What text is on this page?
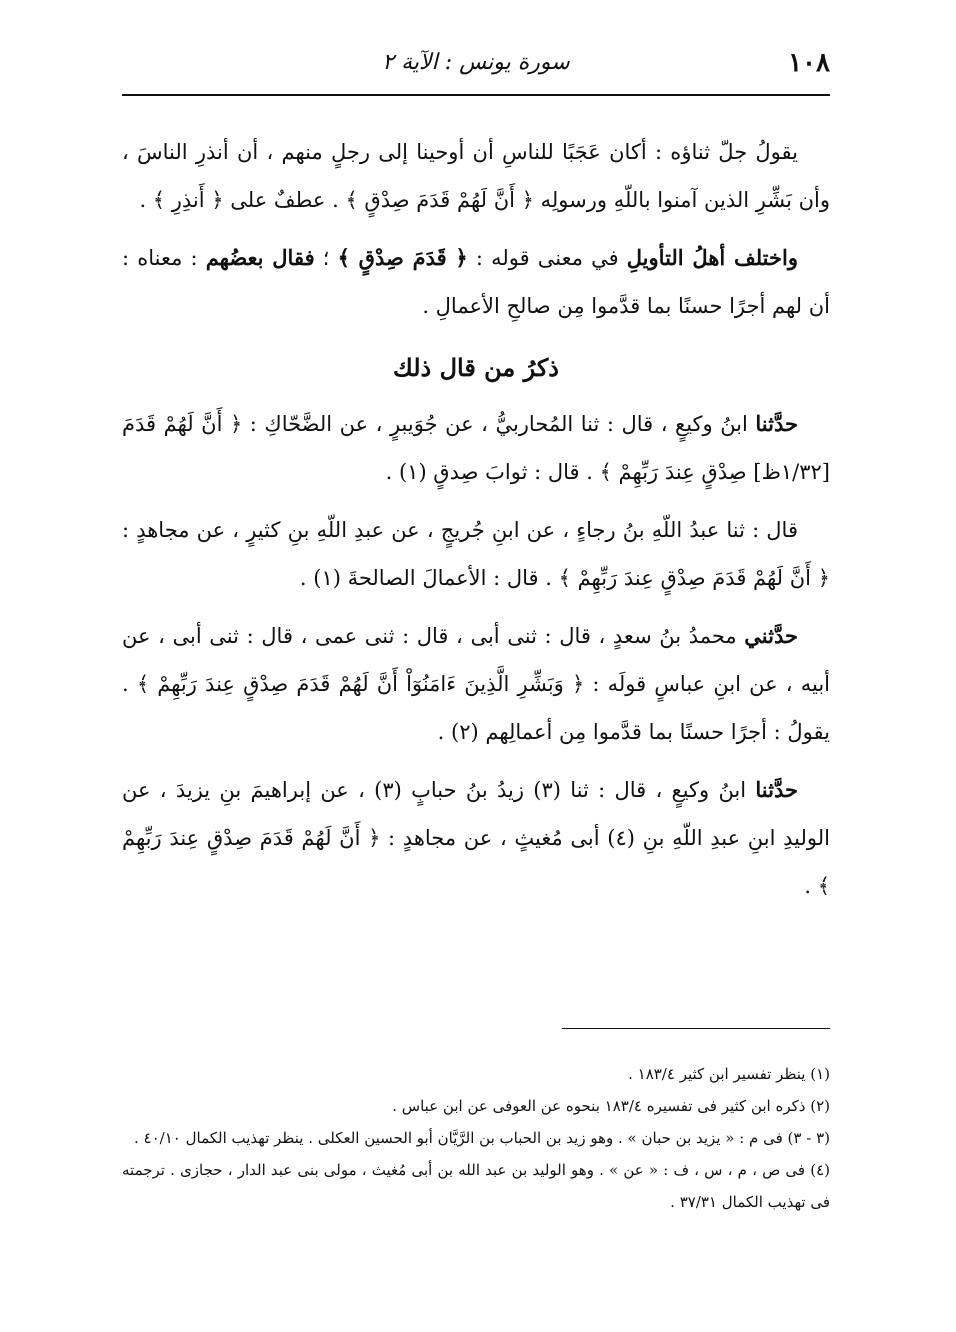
١٠٨
سورة يونس : الآية ٢

يقولُ جلّ ثناؤه : أكان عَجَبًا للناسِ أن أوحينا إلى رجلٍ منهم ، أن أنذرِ الناسَ ، وأن بَشِّرِ الذين آمنوا باللّهِ ورسولِه ﴿ أَنَّ لَهُمْ قَدَمَ صِدْقٍ ﴾ . عطفٌ على ﴿ أَنذِرِ ﴾ .

واختلف أهلُ التأويلِ في معنى قوله : ﴿ قَدَمَ صِدْقٍ ﴾ ؛ فقال بعضُهم : معناه : أن لهم أجرًا حسنًا بما قدَّموا مِن صالحِ الأعمالِ .

ذكرُ من قال ذلك

حدَّثنا ابنُ وكيعٍ ، قال : ثنا المُحاربيُّ ، عن جُوَيبرٍ ، عن الضَّحّاكِ : ﴿ أَنَّ لَهُمْ قَدَمَ [١/٣٢ظ] صِدْقٍ عِندَ رَبِّهِمْ ﴾ . قال : ثوابَ صِدقٍ (١) .

قال : ثنا عبدُ اللّهِ بنُ رجاءٍ ، عن ابنِ جُريجٍ ، عن عبدِ اللّهِ بنِ كثيرٍ ، عن مجاهدٍ : ﴿ أَنَّ لَهُمْ قَدَمَ صِدْقٍ عِندَ رَبِّهِمْ ﴾ . قال : الأعمالَ الصالحةَ (١) .

حدَّثني محمدُ بنُ سعدٍ ، قال : ثنى أبى ، قال : ثنى عمى ، قال : ثنى أبى ، عن أبيه ، عن ابنِ عباسٍ قولَه : ﴿ وَبَشِّرِ الَّذِينَ ءَامَنُوٓاْ أَنَّ لَهُمْ قَدَمَ صِدْقٍ عِندَ رَبِّهِمْ ﴾ . يقولُ : أجرًا حسنًا بما قدَّموا مِن أعمالِهم (٢) .

حدَّثنا ابنُ وكيعٍ ، قال : ثنا (٣) زيدُ بنُ حبابٍ (٣) ، عن إبراهيمَ بنِ يزيدَ ، عن الوليدِ ابنِ عبدِ اللّهِ بنِ (٤) أبى مُغيثٍ ، عن مجاهدٍ : ﴿ أَنَّ لَهُمْ قَدَمَ صِدْقٍ عِندَ رَبِّهِمْ ﴾ .

(١) ينظر تفسير ابن كثير ١٨٣/٤ .

(٢) ذكره ابن كثير فى تفسيره ١٨٣/٤ بنحوه عن العوفى عن ابن عباس .

(٣ - ٣) فى م : « يزيد بن حبان » . وهو زيد بن الحباب بن الرَّيَّان أبو الحسين العكلى . ينظر تهذيب الكمال ٤٠/١٠ .

(٤) فى ص ، م ، س ، ف : « عن » . وهو الوليد بن عبد الله بن أبى مُغيث ، مولى بنى عبد الدار ، حجازى . ترجمته فى تهذيب الكمال ٣٧/٣١ .
